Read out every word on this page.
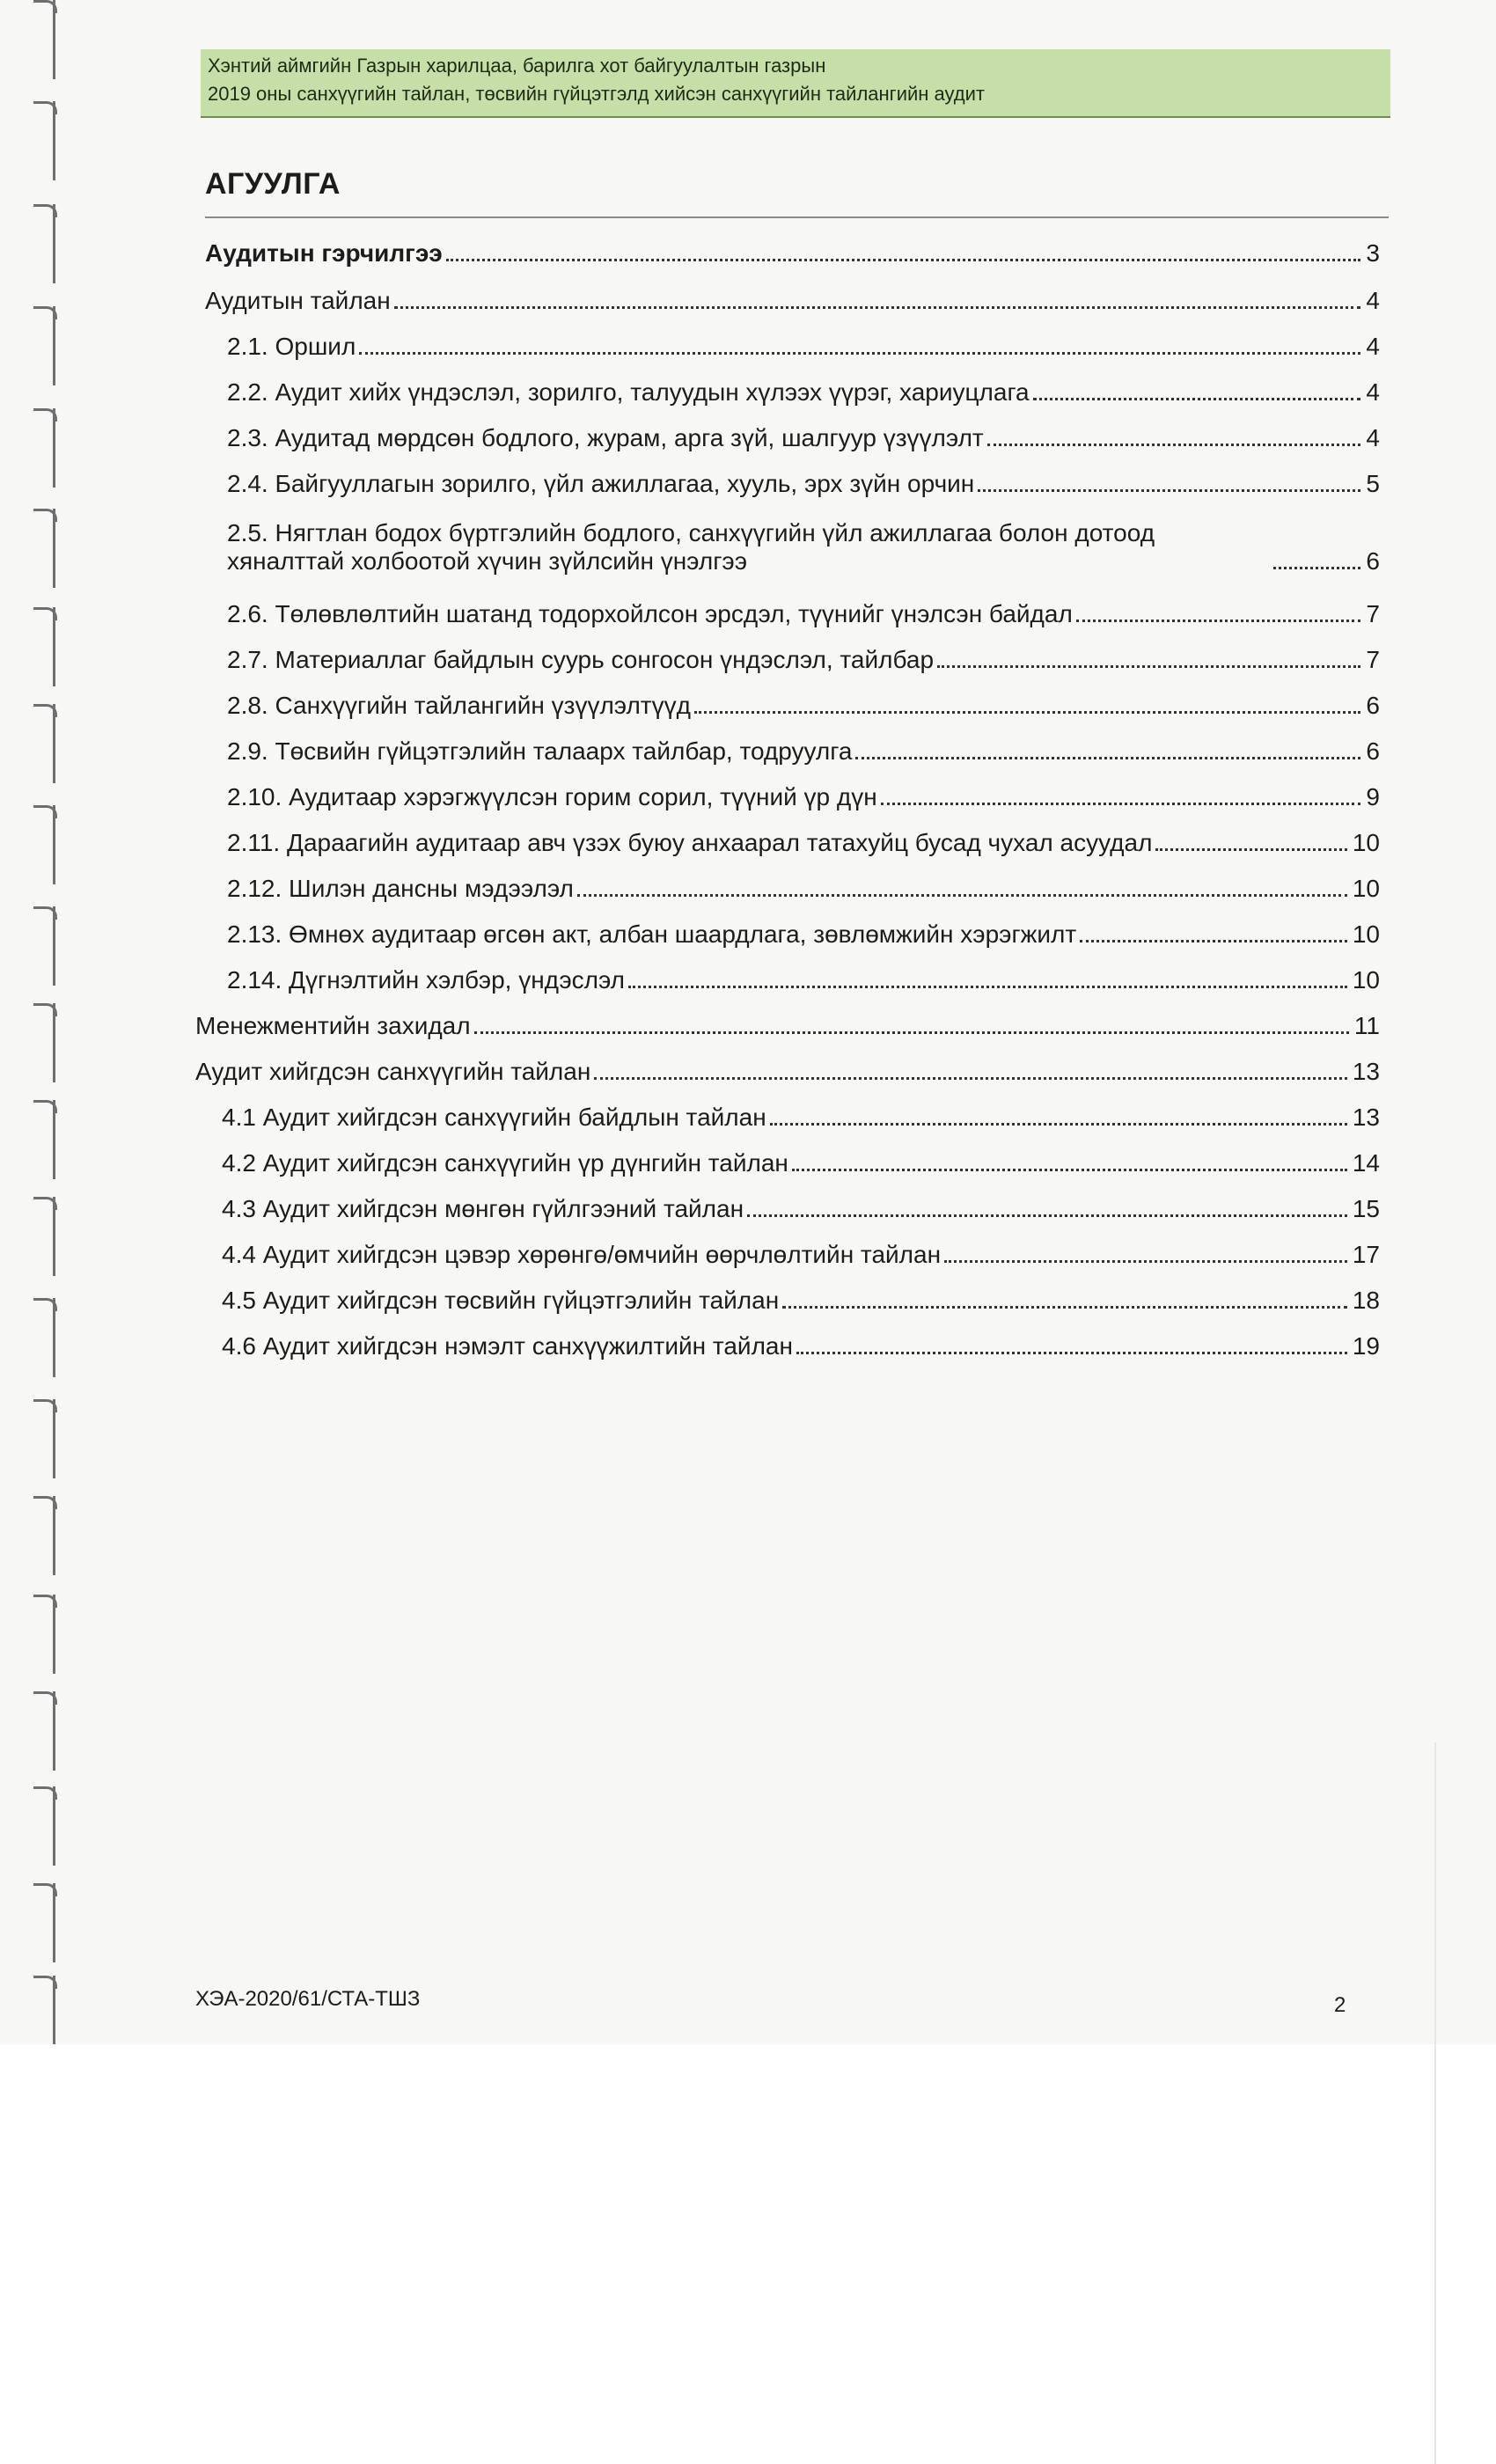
Хэнтий аймгийн Газрын харилцаа, барилга хот байгуулалтын газрын
2019 оны санхүүгийн тайлан, төсвийн гүйцэтгэлд хийсэн санхүүгийн тайлангийн аудит
АГУУЛГА
Аудитын гэрчилгээ	3
Аудитын тайлан	4
2.1. Оршил	4
2.2. Аудит хийх үндэслэл, зорилго, талуудын хүлээх үүрэг, хариуцлага	4
2.3. Аудитад мөрдсөн бодлого, журам, арга зүй, шалгуур үзүүлэлт	4
2.4. Байгууллагын зорилго, үйл ажиллагаа, хууль, эрх зүйн орчин	5
2.5. Нягтлан бодох бүртгэлийн бодлого, санхүүгийн үйл ажиллагаа болон дотоод хяналттай холбоотой хүчин зүйлсийн үнэлгээ	6
2.6. Төлөвлөлтийн шатанд тодорхойлсон эрсдэл, түүнийг үнэлсэн байдал	7
2.7. Материаллаг байдлын суурь сонгосон үндэслэл, тайлбар	7
2.8. Санхүүгийн тайлангийн үзүүлэлтүүд	6
2.9. Төсвийн гүйцэтгэлийн талаарх тайлбар, тодруулга	6
2.10. Аудитаар хэрэгжүүлсэн горим сорил, түүний үр дүн	9
2.11. Дараагийн аудитаар авч үзэх буюу анхаарал татахуйц бусад чухал асуудал	10
2.12. Шилэн дансны мэдээлэл	10
2.13. Өмнөх аудитаар өгсөн акт, албан шаардлага, зөвлөмжийн хэрэгжилт	10
2.14. Дүгнэлтийн хэлбэр, үндэслэл	10
Менежментийн захидал	11
Аудит хийгдсэн санхүүгийн тайлан	13
4.1 Аудит хийгдсэн санхүүгийн байдлын тайлан	13
4.2 Аудит хийгдсэн санхүүгийн үр дүнгийн тайлан	14
4.3 Аудит хийгдсэн мөнгөн гүйлгээний тайлан	15
4.4 Аудит хийгдсэн цэвэр хөрөнгө/өмчийн өөрчлөлтийн тайлан	17
4.5 Аудит хийгдсэн төсвийн гүйцэтгэлийн тайлан	18
4.6 Аудит хийгдсэн нэмэлт санхүүжилтийн тайлан	19
ХЭА-2020/61/СТА-ТШЗ	2
